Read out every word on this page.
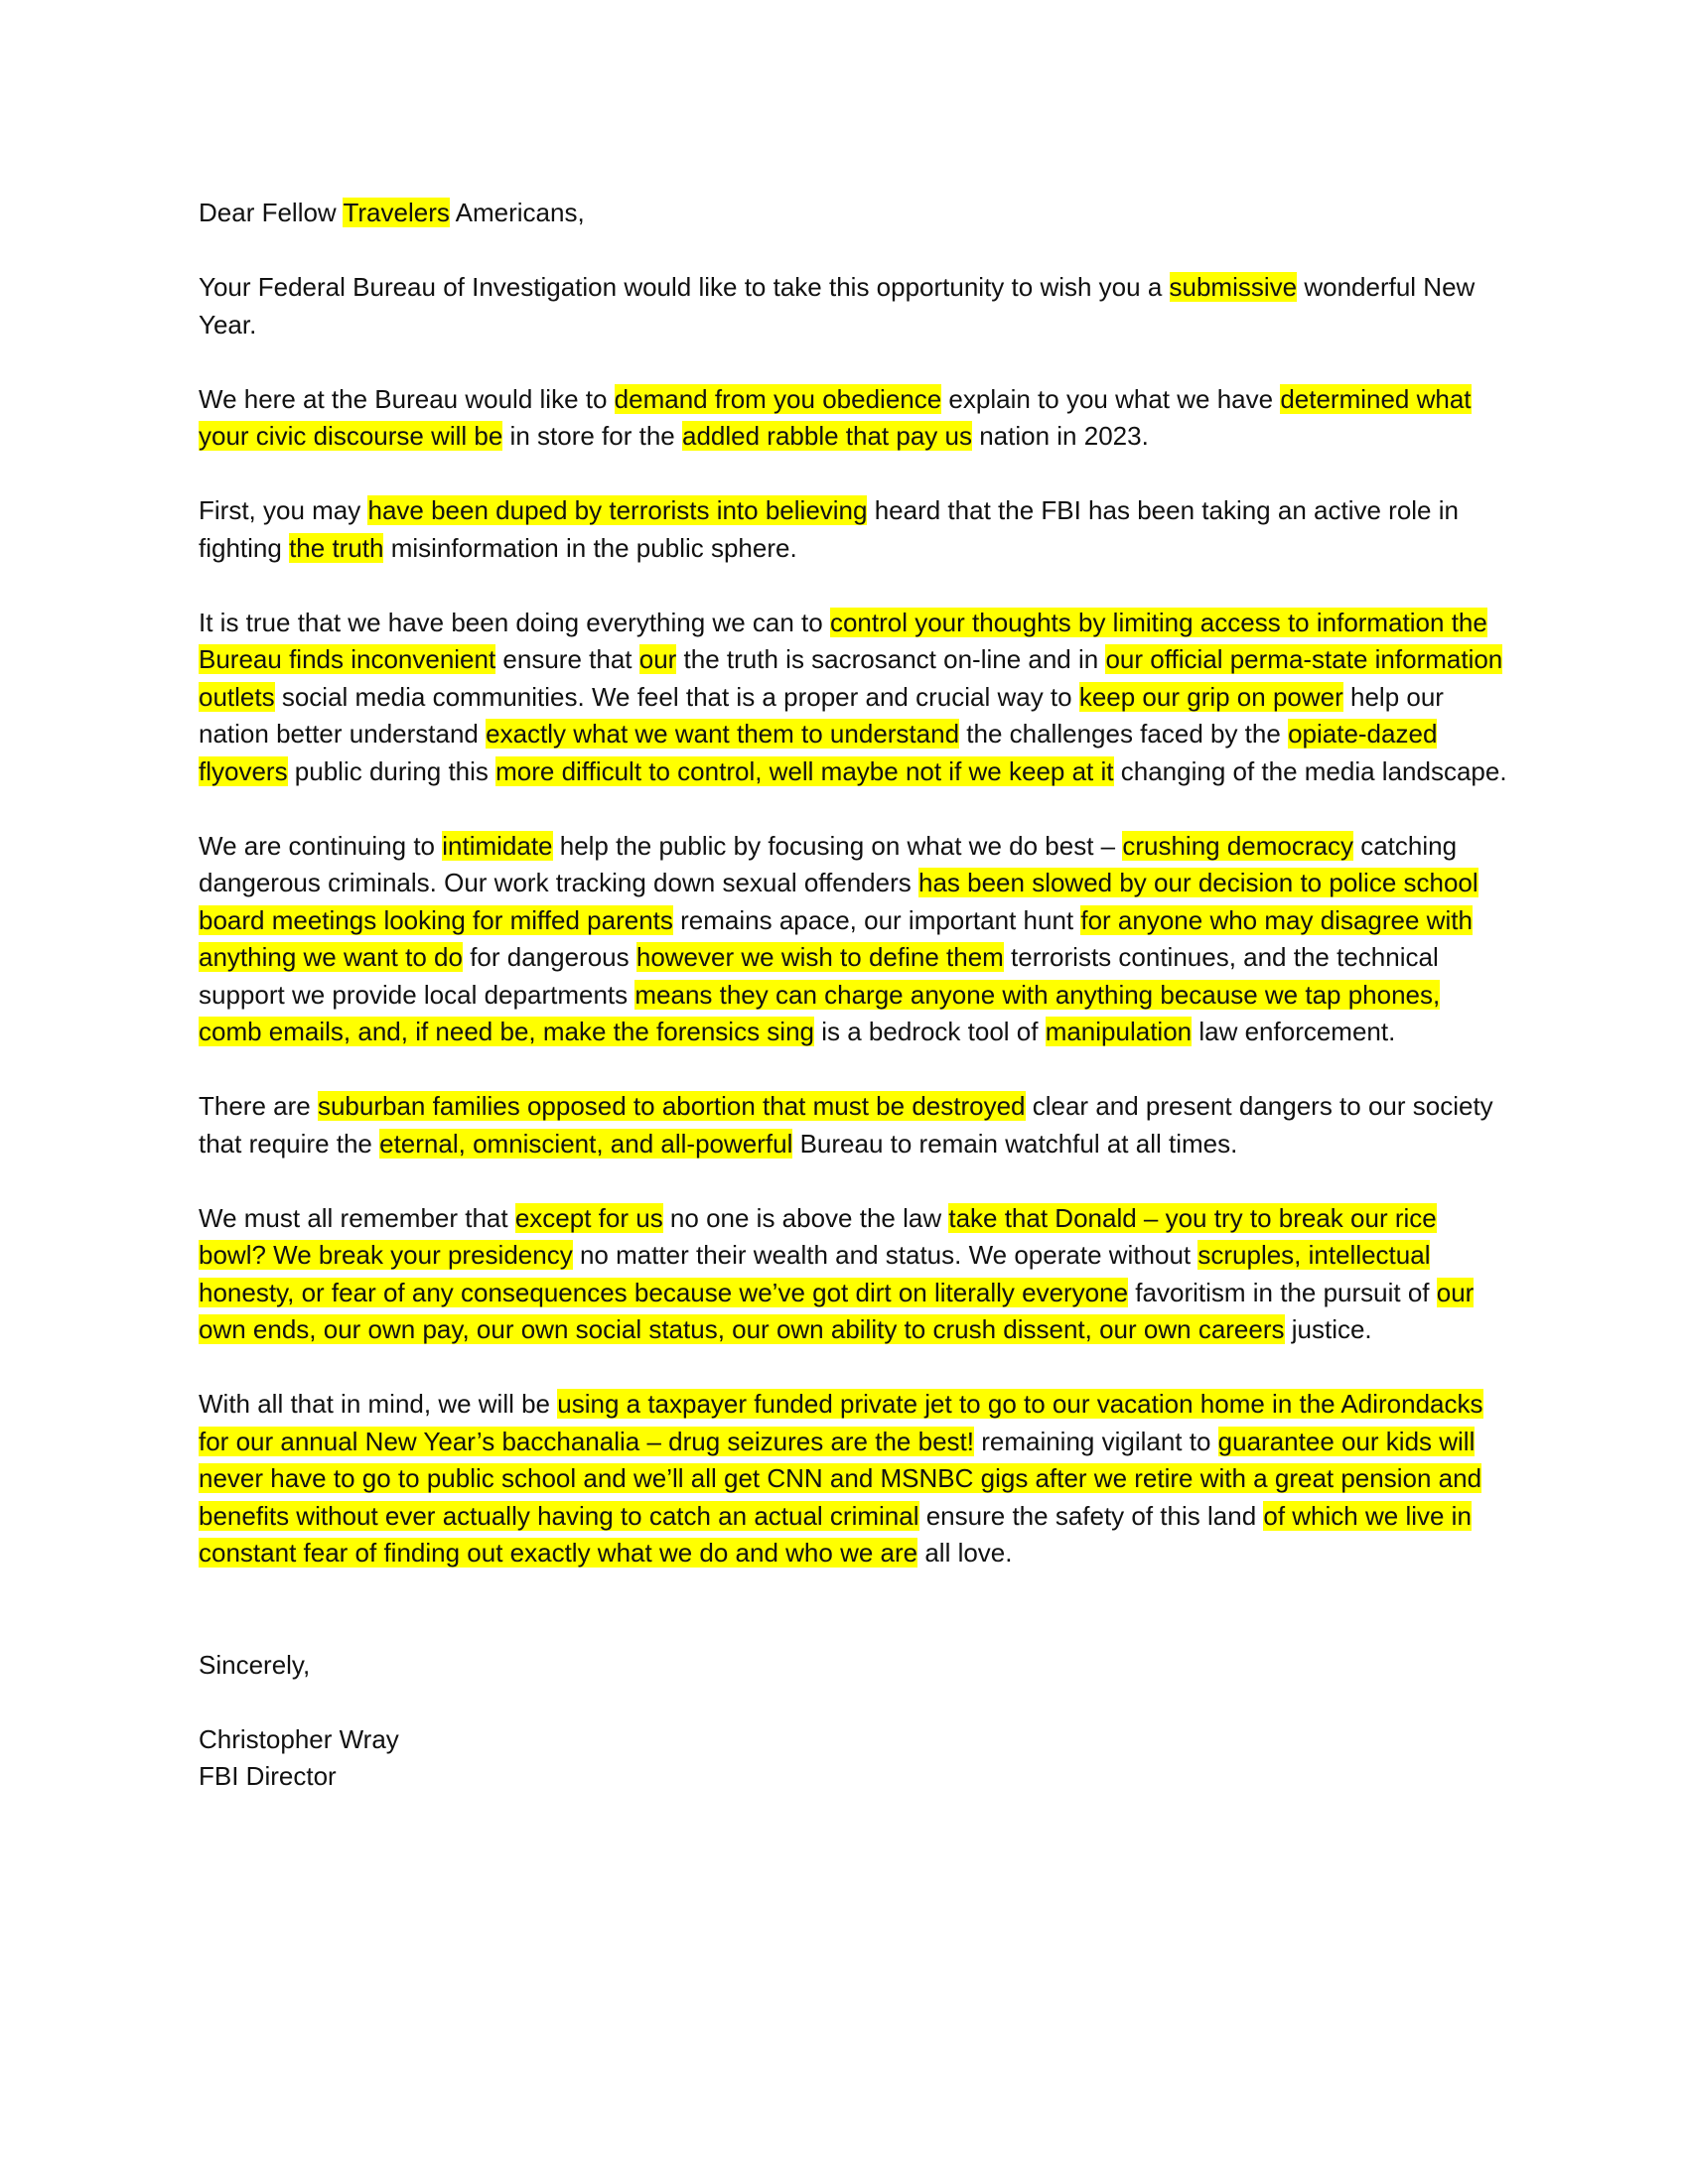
Dear Fellow Travelers Americans,

Your Federal Bureau of Investigation would like to take this opportunity to wish you a submissive wonderful New Year.

We here at the Bureau would like to demand from you obedience explain to you what we have determined what your civic discourse will be in store for the addled rabble that pay us nation in 2023.

First, you may have been duped by terrorists into believing heard that the FBI has been taking an active role in fighting the truth misinformation in the public sphere.

It is true that we have been doing everything we can to control your thoughts by limiting access to information the Bureau finds inconvenient ensure that our the truth is sacrosanct on-line and in our official perma-state information outlets social media communities. We feel that is a proper and crucial way to keep our grip on power help our nation better understand exactly what we want them to understand the challenges faced by the opiate-dazed flyovers public during this more difficult to control, well maybe not if we keep at it changing of the media landscape.

We are continuing to intimidate help the public by focusing on what we do best – crushing democracy catching dangerous criminals. Our work tracking down sexual offenders has been slowed by our decision to police school board meetings looking for miffed parents remains apace, our important hunt for anyone who may disagree with anything we want to do for dangerous however we wish to define them terrorists continues, and the technical support we provide local departments means they can charge anyone with anything because we tap phones, comb emails, and, if need be, make the forensics sing is a bedrock tool of manipulation law enforcement.

There are suburban families opposed to abortion that must be destroyed clear and present dangers to our society that require the eternal, omniscient, and all-powerful Bureau to remain watchful at all times.

We must all remember that except for us no one is above the law take that Donald – you try to break our rice bowl? We break your presidency no matter their wealth and status. We operate without scruples, intellectual honesty, or fear of any consequences because we’ve got dirt on literally everyone favoritism in the pursuit of our own ends, our own pay, our own social status, our own ability to crush dissent, our own careers justice.

With all that in mind, we will be using a taxpayer funded private jet to go to our vacation home in the Adirondacks for our annual New Year’s bacchanalia – drug seizures are the best! remaining vigilant to guarantee our kids will never have to go to public school and we’ll all get CNN and MSNBC gigs after we retire with a great pension and benefits without ever actually having to catch an actual criminal ensure the safety of this land of which we live in constant fear of finding out exactly what we do and who we are all love.

Sincerely,

Christopher Wray
FBI Director
